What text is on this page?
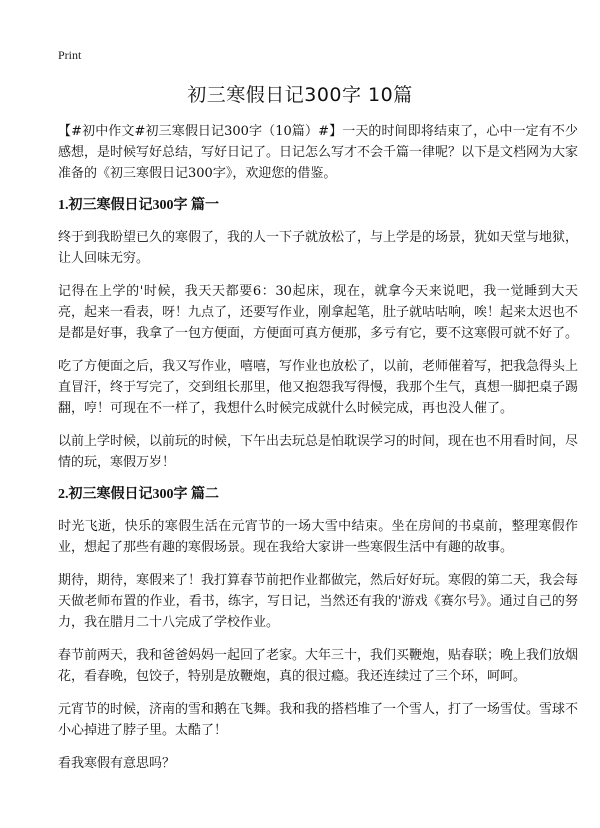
Print
初三寒假日记300字 10篇

【#初中作文#初三寒假日记300字（10篇）#】一天的时间即将结束了，心中一定有不少感想，是时候写好总结，写好日记了。日记怎么写才不会千篇一律呢？以下是文档网为大家准备的《初三寒假日记300字》，欢迎您的借鉴。

1.初三寒假日记300字 篇一

终于到我盼望已久的寒假了，我的人一下子就放松了，与上学是的场景，犹如天堂与地狱，让人回味无穷。

记得在上学的'时候，我天天都要6：30起床，现在，就拿今天来说吧，我一觉睡到大天亮，起来一看表，呀！九点了，还要写作业，刚拿起笔，肚子就咕咕响，唉！起来太迟也不是都是好事，我拿了一包方便面，方便面可真方便那，多亏有它，要不这寒假可就不好了。

吃了方便面之后，我又写作业，嘻嘻，写作业也放松了，以前，老师催着写，把我急得头上直冒汗，终于写完了，交到组长那里，他又抱怨我写得慢，我那个生气，真想一脚把桌子踢翻，哼！可现在不一样了，我想什么时候完成就什么时候完成，再也没人催了。

以前上学时候，以前玩的时候，下午出去玩总是怕耽误学习的时间，现在也不用看时间，尽情的玩，寒假万岁！

2.初三寒假日记300字 篇二

时光飞逝，快乐的寒假生活在元宵节的一场大雪中结束。坐在房间的书桌前，整理寒假作业，想起了那些有趣的寒假场景。现在我给大家讲一些寒假生活中有趣的故事。

期待，期待，寒假来了！我打算春节前把作业都做完，然后好好玩。寒假的第二天，我会每天做老师布置的作业，看书，练字，写日记，当然还有我的'游戏《赛尔号》。通过自己的努力，我在腊月二十八完成了学校作业。

春节前两天，我和爸爸妈妈一起回了老家。大年三十，我们买鞭炮，贴春联；晚上我们放烟花，看春晚，包饺子，特别是放鞭炮，真的很过瘾。我还连续过了三个环，呵呵。

元宵节的时候，济南的雪和鹅在飞舞。我和我的搭档堆了一个雪人，打了一场雪仗。雪球不小心掉进了脖子里。太酷了！

看我寒假有意思吗？
